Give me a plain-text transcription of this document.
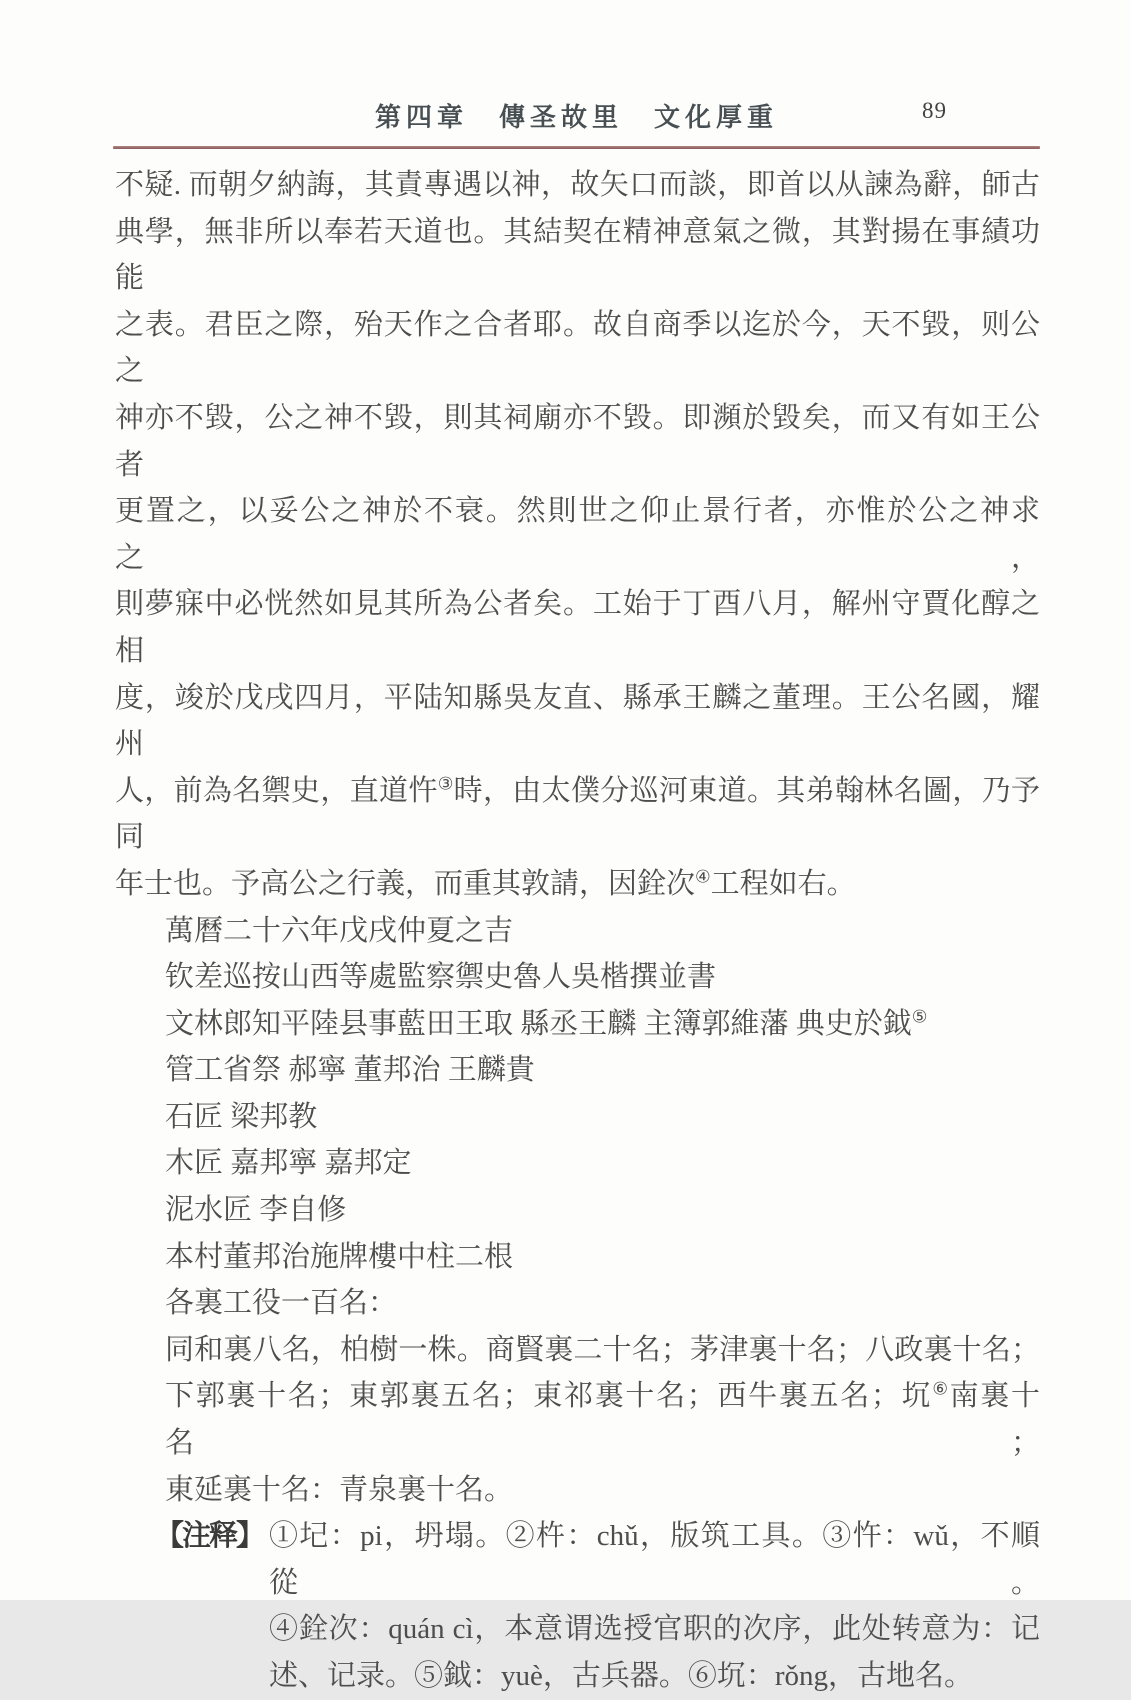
第四章　傳圣故里　文化厚重	89
不疑. 而朝夕納誨，其責專遇以神，故矢口而談，即首以从諫為辭，師古
典學，無非所以奉若天道也。其結契在精神意氣之微，其對揚在事績功能
之表。君臣之際，殆天作之合者耶。故自商季以迄於今，天不毀，则公之
神亦不毀，公之神不毀，則其祠廟亦不毀。即瀕於毀矣，而又有如王公者
更置之，以妥公之神於不衰。然則世之仰止景行者，亦惟於公之神求之，
則夢寐中必恍然如見其所為公者矣。工始于丁酉八月，解州守賈化醇之相
度，竣於戊戌四月，平陆知縣吳友直、縣承王麟之董理。王公名國，耀州
人，前為名禦史，直道忤③時，由太僕分巡河東道。其弟翰林名圖，乃予同
年士也。予高公之行義，而重其敦請，因銓次④工程如右。
萬曆二十六年戊戌仲夏之吉
钦差巡按山西等處監察禦史魯人吳楷撰並書
文林郎知平陸县事藍田王取 縣丞王麟 主簿郭維藩 典史於鉞⑤
管工省祭 郝寧 董邦治 王麟貴
石匠 梁邦教
木匠 嘉邦寧 嘉邦定
泥水匠 李自修
本村董邦治施牌樓中柱二根
各裏工役一百名：
同和裏八名，柏樹一株。商賢裏二十名；茅津裏十名；八政裏十名；
下郭裏十名；東郭裏五名；東祁裏十名；西牛裏五名；坈⑥南裏十名；
東延裏十名：青泉裏十名。
【注释】 ①圮：pi，坍塌。②杵：chǔ，版筑工具。③忤：wǔ，不順從。
④銓次：quán cì，本意谓选授官职的次序，此处转意为：记
述、记录。⑤鉞：yuè，古兵器。⑥坈：rǒng，古地名。
